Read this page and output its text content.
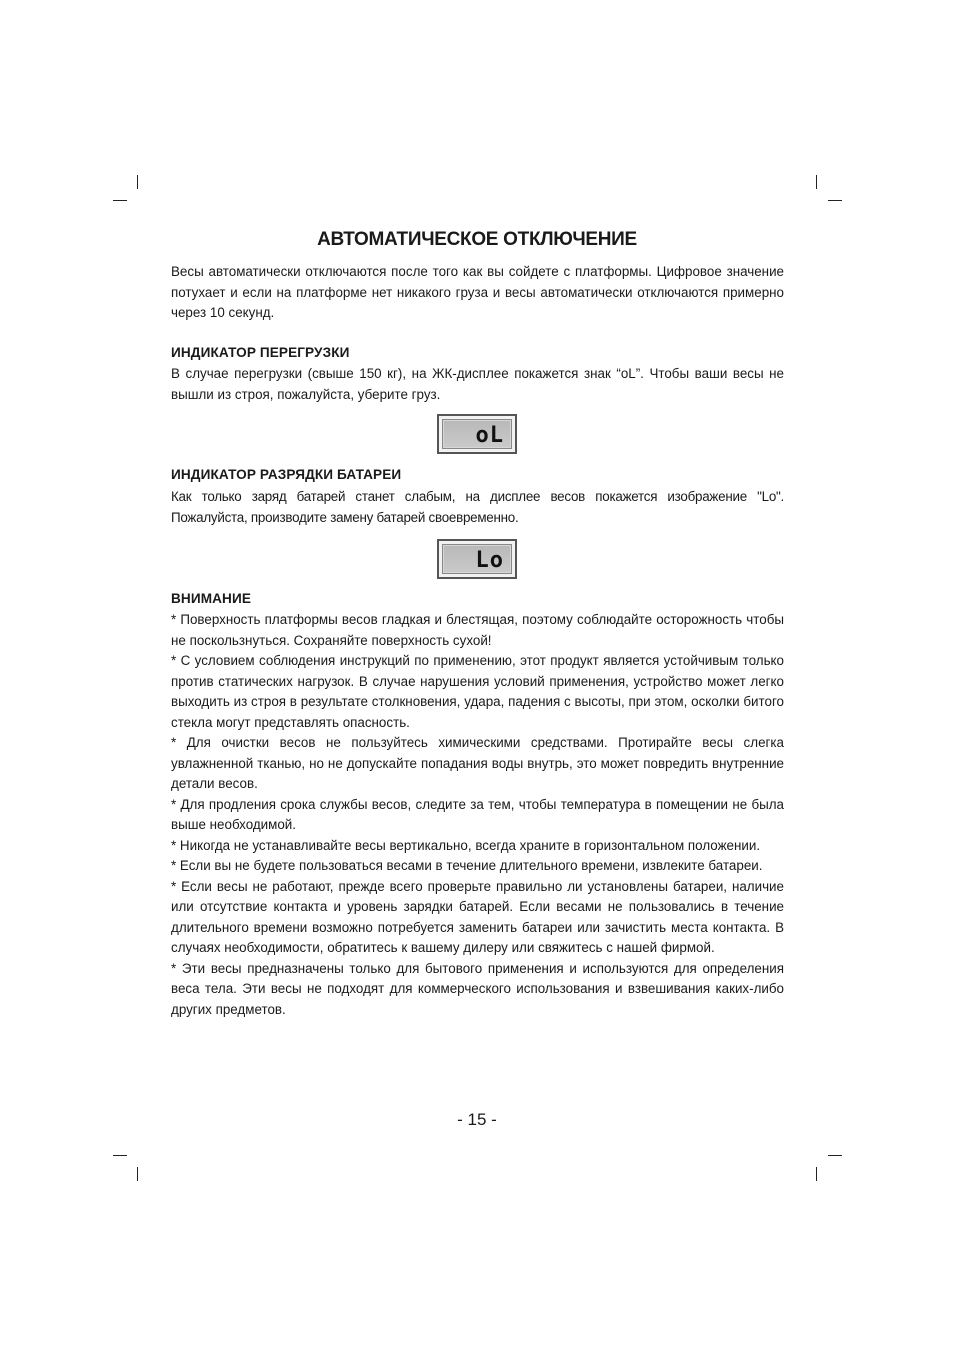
АВТОМАТИЧЕСКОЕ ОТКЛЮЧЕНИЕ

Весы автоматически отключаются после того как вы сойдете с платформы. Цифровое значение потухает и если на платформе нет никакого груза и весы автоматически отключаются примерно через 10 секунд.

ИНДИКАТОР ПЕРЕГРУЗКИ

В случае перегрузки (свыше 150 кг), на ЖК-дисплее покажется знак “oL”. Чтобы ваши весы не вышли из строя, пожалуйста, уберите груз.

oL
ИНДИКАТОР РАЗРЯДКИ БАТАРЕИ

Как только заряд батарей станет слабым, на дисплее весов покажется изображение "Lo". Пожалуйста, производите замену батарей своевременно.

Lo
ВНИМАНИЕ

* Поверхность платформы весов гладкая и блестящая, поэтому соблюдайте осторожность чтобы не поскользнуться. Сохраняйте поверхность сухой!

* С условием соблюдения инструкций по применению, этот продукт является устойчивым только против статических нагрузок. В случае нарушения условий применения, устройство может легко выходить из строя в результате столкновения, удара, падения с высоты, при этом, осколки битого стекла могут представлять опасность.

* Для очистки весов не пользуйтесь химическими средствами. Протирайте весы слегка увлажненной тканью, но не допускайте попадания воды внутрь, это может повредить внутренние детали весов.

* Для продления срока службы весов, следите за тем, чтобы температура в помещении не была выше необходимой.

* Никогда не устанавливайте весы вертикально, всегда храните в горизонтальном положении.

* Если вы не будете пользоваться весами в течение длительного времени, извлеките батареи.

* Если весы не работают, прежде всего проверьте правильно ли установлены батареи, наличие или отсутствие контакта и уровень зарядки батарей. Если весами не пользовались в течение длительного времени возможно потребуется заменить батареи или зачистить места контакта. В случаях необходимости, обратитесь к вашему дилеру или свяжитесь с нашей фирмой.

* Эти весы предназначены только для бытового применения и используются для определения веса тела. Эти весы не подходят для коммерческого использования и взвешивания каких-либо других предметов.

- 15 -
